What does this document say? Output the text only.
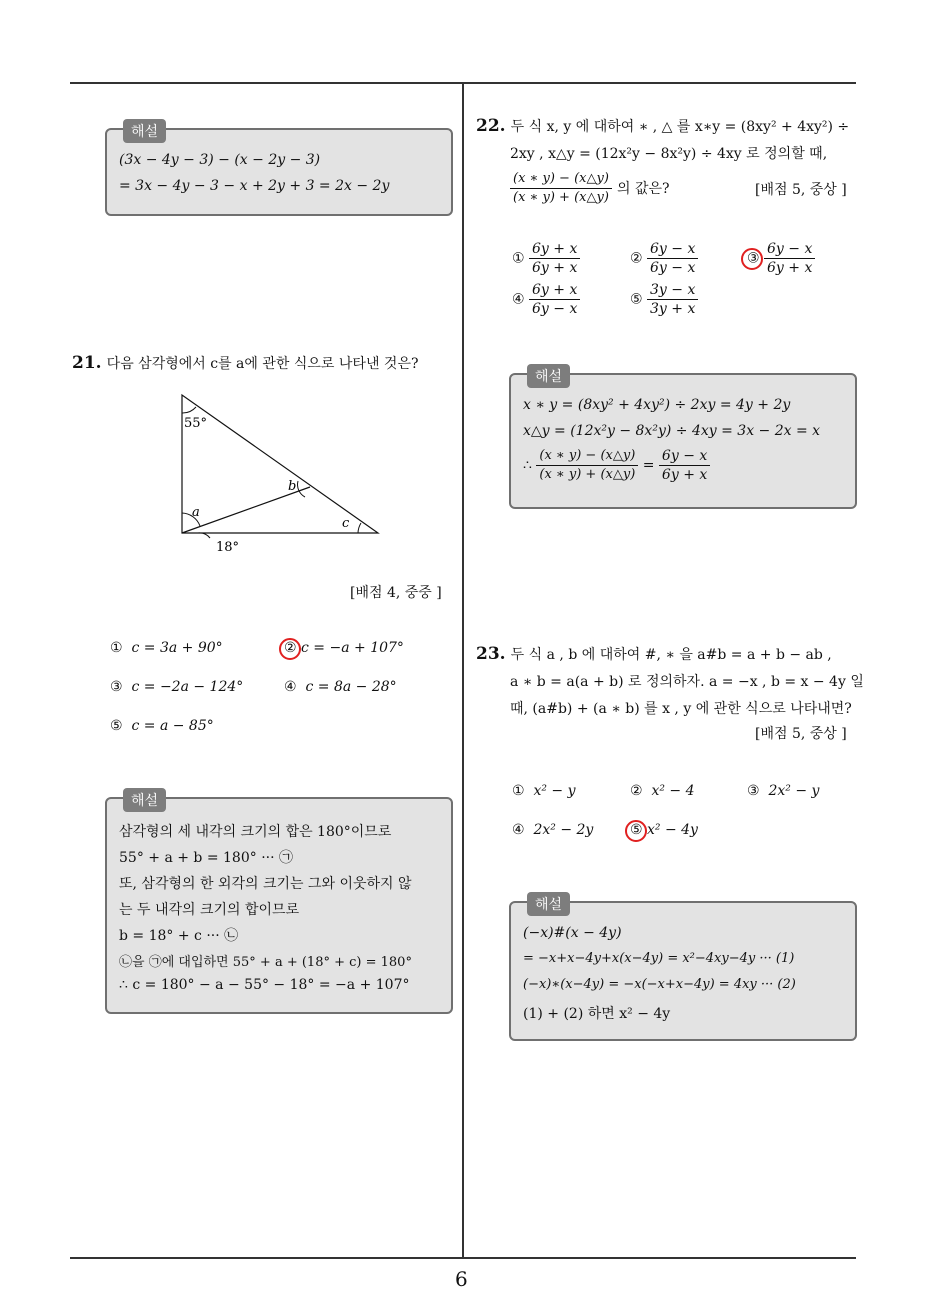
6
해설
(3x − 4y − 3) − (x − 2y − 3)
= 3x − 4y − 3 − x + 2y + 3 = 2x − 2y
21. 다음 삼각형에서 c를 a에 관한 식으로 나타낸 것은?
55°
b
a
c
18°
[배점 4, 중중 ]
① c = 3a + 90°	② c = −a + 107°
③ c = −2a − 124°	④ c = 8a − 28°
⑤ c = a − 85°
해설
삼각형의 세 내각의 크기의 합은 180°이므로
55° + a + b = 180° ··· ㉠
또, 삼각형의 한 외각의 크기는 그와 이웃하지 않
는 두 내각의 크기의 합이므로
b = 18° + c ··· ㉡
㉡을 ㉠에 대입하면 55° + a + (18° + c) = 180°
∴ c = 180° − a − 55° − 18° = −a + 107°
22. 두 식 x, y 에 대하여 ∗ , △ 를 x∗y = (8xy² + 4xy²) ÷
2xy , x△y = (12x²y − 8x²y) ÷ 4xy 로 정의할 때,
$\frac{(x ∗ y) - (x\triangle y)}{(x ∗ y) + (x\triangle y)}$ 의 값은?	[배점 5, 중상 ]
① $\frac{6y + x}{6y + x}$	② $\frac{6y - x}{6y - x}$	③ $\frac{6y - x}{6y + x}$
④ $\frac{6y + x}{6y - x}$	⑤ $\frac{3y - x}{3y + x}$
해설
x ∗ y = (8xy² + 4xy²) ÷ 2xy = 4y + 2y
x△y = (12x²y − 8x²y) ÷ 4xy = 3x − 2x = x
∴ $\frac{(x ∗ y) - (x\triangle y)}{(x ∗ y) + (x\triangle y)} = \frac{6y - x}{6y + x}$
23. 두 식 a , b 에 대하여 #, ∗ 을 a#b = a + b − ab ,
a ∗ b = a(a + b) 로 정의하자. a = −x , b = x − 4y 일
때, (a#b) + (a ∗ b) 를 x , y 에 관한 식으로 나타내면?
[배점 5, 중상 ]
① x² − y	② x² − 4	③ 2x² − y
④ 2x² − 2y	⑤ x² − 4y
해설
(−x)#(x − 4y)
= −x+x−4y+x(x−4y) = x²−4xy−4y ··· (1)
(−x)∗(x−4y) = −x(−x+x−4y) = 4xy ··· (2)
(1) + (2) 하면 x² − 4y
